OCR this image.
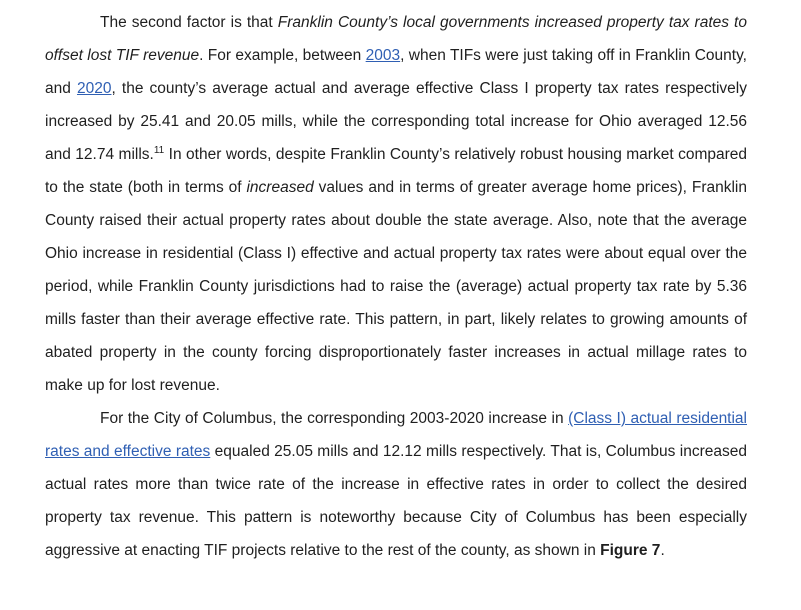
The second factor is that Franklin County’s local governments increased property tax rates to offset lost TIF revenue. For example, between 2003, when TIFs were just taking off in Franklin County, and 2020, the county’s average actual and average effective Class I property tax rates respectively increased by 25.41 and 20.05 mills, while the corresponding total increase for Ohio averaged 12.56 and 12.74 mills.$^{11}$ In other words, despite Franklin County’s relatively robust housing market compared to the state (both in terms of increased values and in terms of greater average home prices), Franklin County raised their actual property rates about double the state average. Also, note that the average Ohio increase in residential (Class I) effective and actual property tax rates were about equal over the period, while Franklin County jurisdictions had to raise the (average) actual property tax rate by 5.36 mills faster than their average effective rate. This pattern, in part, likely relates to growing amounts of abated property in the county forcing disproportionately faster increases in actual millage rates to make up for lost revenue.

For the City of Columbus, the corresponding 2003-2020 increase in (Class I) actual residential rates and effective rates equaled 25.05 mills and 12.12 mills respectively. That is, Columbus increased actual rates more than twice rate of the increase in effective rates in order to collect the desired property tax revenue. This pattern is noteworthy because City of Columbus has been especially aggressive at enacting TIF projects relative to the rest of the county, as shown in Figure 7.
